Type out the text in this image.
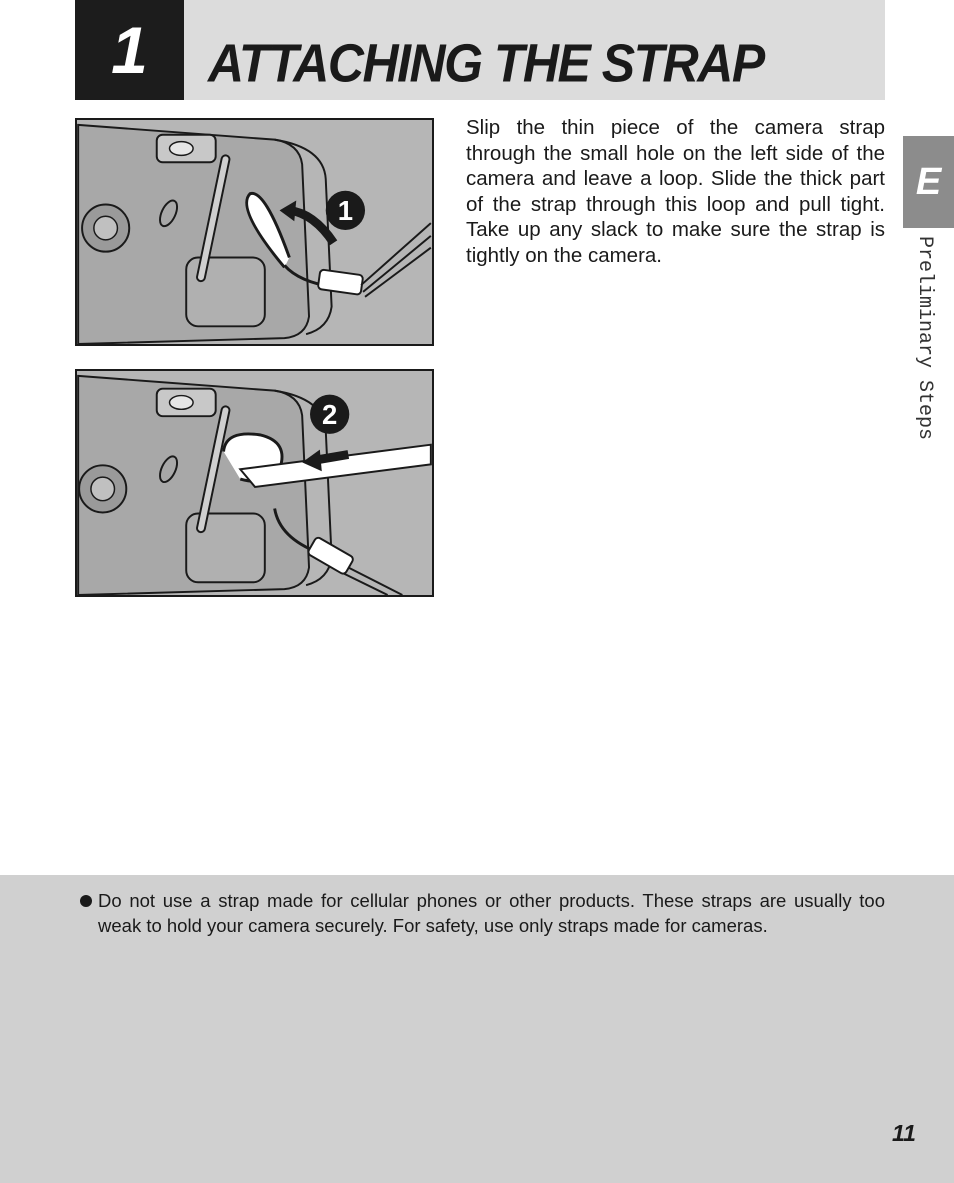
1	ATTACHING THE STRAP
1
2

Slip the thin piece of the camera strap through the small hole on the left side of the camera and leave a loop. Slide the thick part of the strap through this loop and pull tight. Take up any slack to make sure the strap is tightly on the camera.

E
Preliminary Steps

Do not use a strap made for cellular phones or other products. These straps are usually too weak to hold your camera securely. For safety, use only straps made for cameras.

11
